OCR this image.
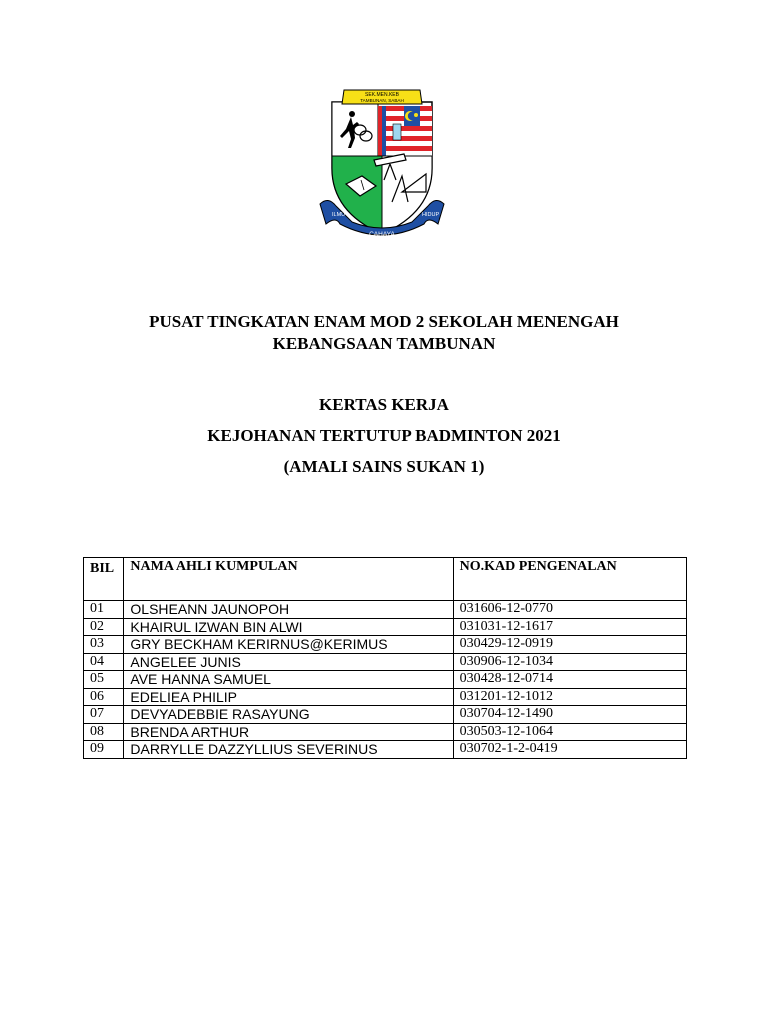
SEK.MEN.KEB
TAMBUNAN, SABAH
ILMU
CAHAYA
HIDUP
PUSAT TINGKATAN ENAM MOD 2 SEKOLAH MENENGAH
KEBANGSAAN TAMBUNAN
KERTAS KERJA
KEJOHANAN TERTUTUP BADMINTON 2021
(AMALI SAINS SUKAN 1)
BIL	NAMA AHLI KUMPULAN	NO.KAD PENGENALAN

01	OLSHEANN JAUNOPOH	031606-12-0770
02	KHAIRUL IZWAN BIN ALWI	031031-12-1617
03	GRY BECKHAM KERIRNUS@KERIMUS	030429-12-0919
04	ANGELEE JUNIS	030906-12-1034
05	AVE HANNA SAMUEL	030428-12-0714
06	EDELIEA PHILIP	031201-12-1012
07	DEVYADEBBIE RASAYUNG	030704-12-1490
08	BRENDA ARTHUR	030503-12-1064
09	DARRYLLE DAZZYLLIUS SEVERINUS	030702-1-2-0419
